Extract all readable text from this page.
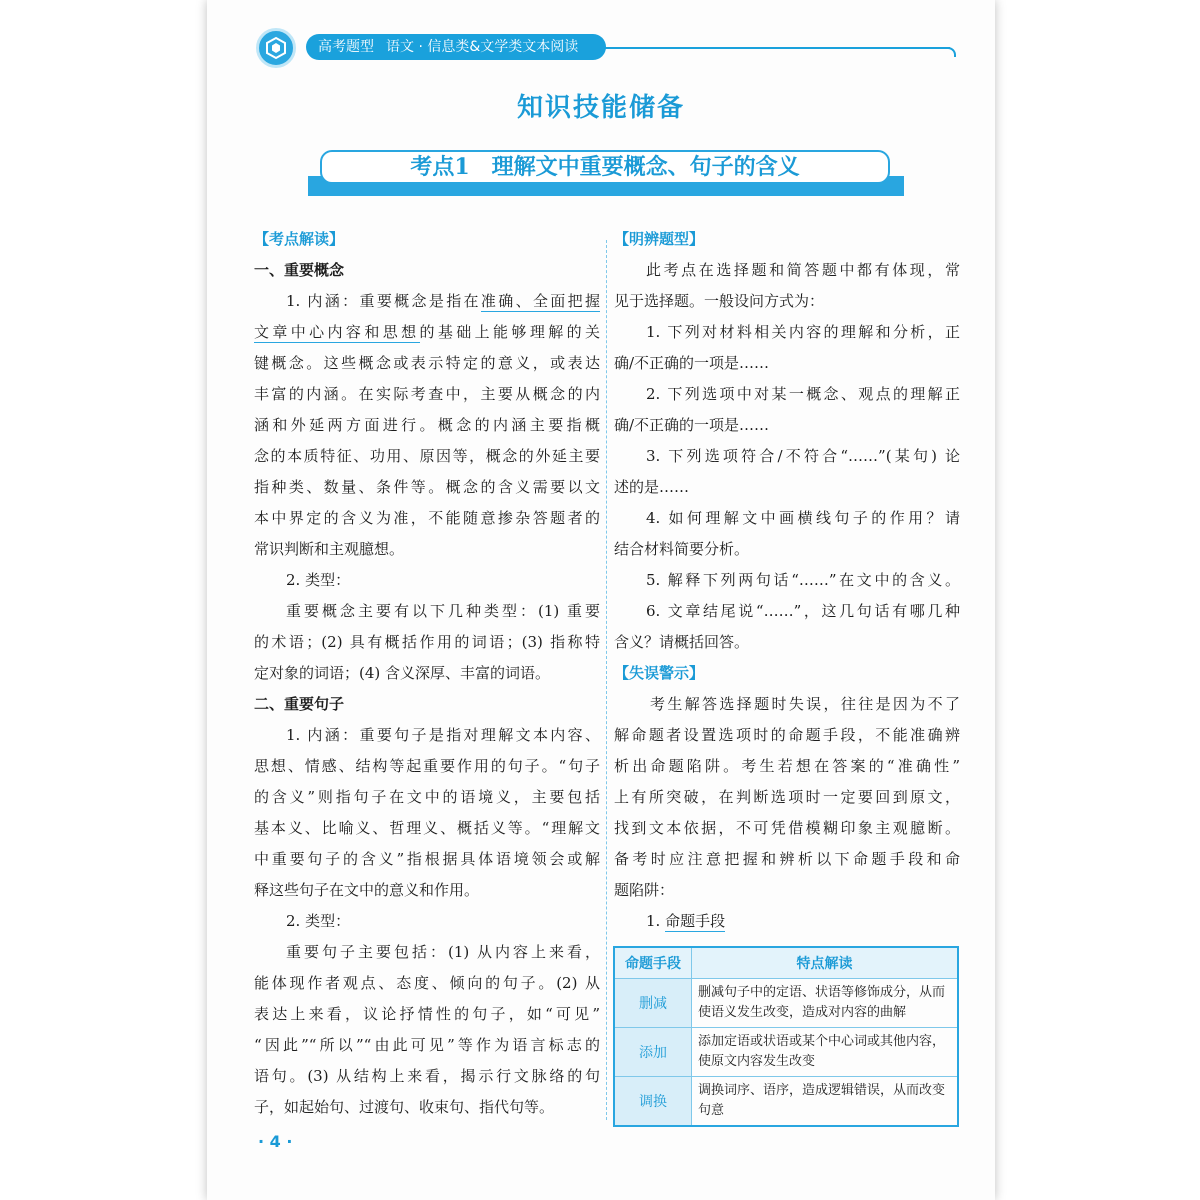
高考题型 语文 · 信息类&文学类文本阅读
知识技能储备
考点1　理解文中重要概念、句子的含义
【考点解读】
一、重要概念
1. 内涵：重要概念是指在准确、全面把握
文章中心内容和思想的基础上能够理解的关
键概念。这些概念或表示特定的意义，或表达
丰富的内涵。在实际考查中，主要从概念的内
涵和外延两方面进行。概念的内涵主要指概
念的本质特征、功用、原因等，概念的外延主要
指种类、数量、条件等。概念的含义需要以文
本中界定的含义为准，不能随意掺杂答题者的
常识判断和主观臆想。
2. 类型：
重要概念主要有以下几种类型：(1) 重要
的术语；(2) 具有概括作用的词语；(3) 指称特
定对象的词语；(4) 含义深厚、丰富的词语。
二、重要句子
1. 内涵：重要句子是指对理解文本内容、
思想、情感、结构等起重要作用的句子。“句子
的含义”则指句子在文中的语境义，主要包括
基本义、比喻义、哲理义、概括义等。“理解文
中重要句子的含义”指根据具体语境领会或解
释这些句子在文中的意义和作用。
2. 类型：
重要句子主要包括：(1) 从内容上来看，
能体现作者观点、态度、倾向的句子。(2) 从
表达上来看，议论抒情性的句子，如“可见”
“因此”“所以”“由此可见”等作为语言标志的
语句。(3) 从结构上来看，揭示行文脉络的句
子，如起始句、过渡句、收束句、指代句等。
【明辨题型】
此考点在选择题和简答题中都有体现，常
见于选择题。一般设问方式为：
1. 下列对材料相关内容的理解和分析，正
确/不正确的一项是……
2. 下列选项中对某一概念、观点的理解正
确/不正确的一项是……
3. 下列选项符合/不符合“……”(某句) 论
述的是……
4. 如何理解文中画横线句子的作用？请
结合材料简要分析。
5. 解释下列两句话“……”在文中的含义。
6. 文章结尾说“……”，这几句话有哪几种
含义？请概括回答。
【失误警示】
考生解答选择题时失误，往往是因为不了
解命题者设置选项时的命题手段，不能准确辨
析出命题陷阱。考生若想在答案的“准确性”
上有所突破，在判断选项时一定要回到原文，
找到文本依据，不可凭借模糊印象主观臆断。
备考时应注意把握和辨析以下命题手段和命
题陷阱：
1. 命题手段
命题手段	特点解读
删减	删减句子中的定语、状语等修饰成分，从而使语义发生改变，造成对内容的曲解
添加	添加定语或状语或某个中心词或其他内容，使原文内容发生改变
调换	调换词序、语序，造成逻辑错误，从而改变句意
· 4 ·
